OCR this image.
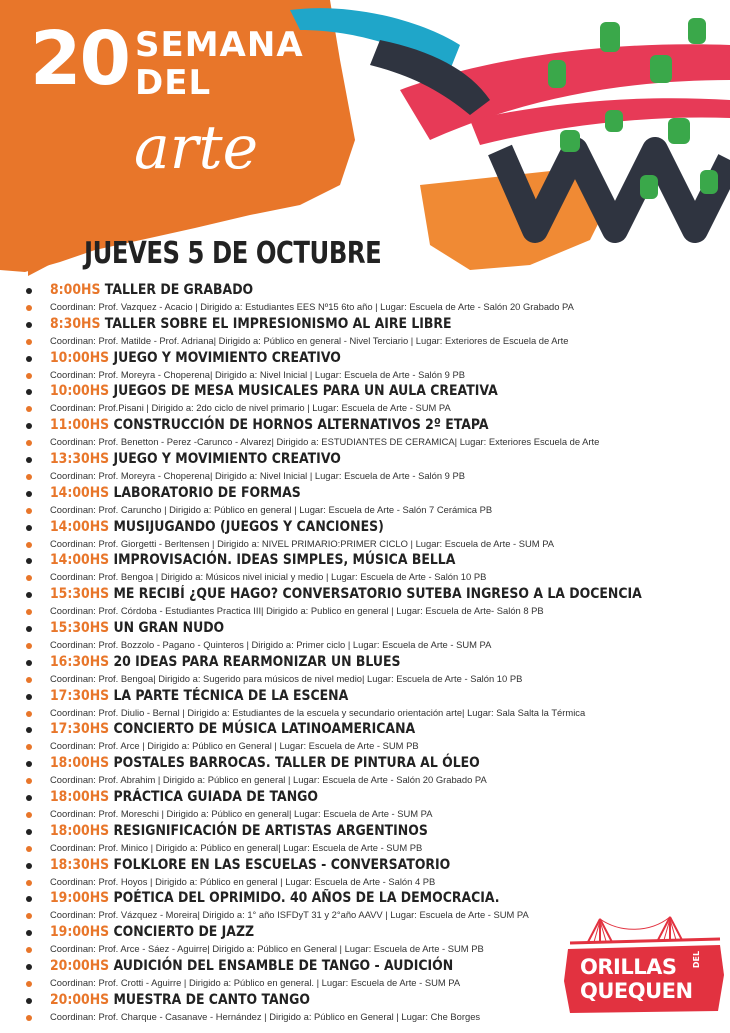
20 SEMANA
DEL
arte
JUEVES 5 DE OCTUBRE
8:00HS TALLER DE GRABADO
Coordinan: Prof. Vazquez - Acacio | Dirigido a: Estudiantes EES Nº15 6to año | Lugar: Escuela de Arte - Salón 20 Grabado PA
8:30HS TALLER SOBRE EL IMPRESIONISMO AL AIRE LIBRE
Coordinan: Prof. Matilde - Prof. Adriana| Dirigido a: Público en general - Nivel Terciario | Lugar: Exteriores de Escuela de Arte
10:00HS JUEGO Y MOVIMIENTO CREATIVO
Coordinan: Prof. Moreyra - Choperena| Dirigido a: Nivel Inicial | Lugar: Escuela de Arte - Salón 9 PB
10:00HS JUEGOS DE MESA MUSICALES PARA UN AULA CREATIVA
Coordinan: Prof.Pisani | Dirigido a: 2do ciclo de nivel primario | Lugar: Escuela de Arte - SUM PA
11:00HS CONSTRUCCIÓN DE HORNOS ALTERNATIVOS 2º ETAPA
Coordinan: Prof. Benetton - Perez -Carunco - Alvarez| Dirigido a: ESTUDIANTES DE CERAMICA| Lugar: Exteriores Escuela de Arte
13:30HS JUEGO Y MOVIMIENTO CREATIVO
Coordinan: Prof. Moreyra - Choperena| Dirigido a: Nivel Inicial | Lugar: Escuela de Arte - Salón 9 PB
14:00HS LABORATORIO DE FORMAS
Coordinan: Prof. Caruncho | Dirigido a: Público en general | Lugar: Escuela de Arte - Salón 7 Cerámica PB
14:00HS MUSIJUGANDO (JUEGOS Y CANCIONES)
Coordinan: Prof. Giorgetti - Berltensen | Dirigido a: NIVEL PRIMARIO:PRIMER CICLO | Lugar: Escuela de Arte - SUM PA
14:00HS IMPROVISACIÓN. IDEAS SIMPLES, MÚSICA BELLA
Coordinan: Prof. Bengoa | Dirigido a: Músicos nivel inicial y medio | Lugar: Escuela de Arte - Salón 10 PB
15:30HS ME RECIBÍ ¿QUE HAGO? CONVERSATORIO SUTEBA INGRESO A LA DOCENCIA
Coordinan: Prof. Córdoba - Estudiantes Practica III| Dirigido a: Publico en general | Lugar: Escuela de Arte- Salón 8 PB
15:30HS UN GRAN NUDO
Coordinan: Prof. Bozzolo - Pagano - Quinteros | Dirigido a: Primer ciclo | Lugar: Escuela de Arte - SUM PA
16:30HS 20 IDEAS PARA REARMONIZAR UN BLUES
Coordinan: Prof. Bengoa| Dirigido a: Sugerido para músicos de nivel medio| Lugar: Escuela de Arte - Salón 10 PB
17:30HS LA PARTE TÉCNICA DE LA ESCENA
Coordinan: Prof. Diulio - Bernal | Dirigido a: Estudiantes de la escuela y secundario orientación arte| Lugar: Sala Salta la Térmica
17:30HS CONCIERTO DE MÚSICA LATINOAMERICANA
Coordinan: Prof. Arce | Dirigido a: Público en General | Lugar: Escuela de Arte - SUM PB
18:00HS POSTALES BARROCAS. TALLER DE PINTURA AL ÓLEO
Coordinan: Prof. Abrahim | Dirigido a: Público en general | Lugar: Escuela de Arte - Salón 20 Grabado PA
18:00HS PRÁCTICA GUIADA DE TANGO
Coordinan: Prof. Moreschi | Dirigido a: Público en general| Lugar: Escuela de Arte - SUM PA
18:00HS RESIGNIFICACIÓN DE ARTISTAS ARGENTINOS
Coordinan: Prof. Minico | Dirigido a: Público en general| Lugar: Escuela de Arte - SUM PB
18:30HS FOLKLORE EN LAS ESCUELAS - CONVERSATORIO
Coordinan: Prof. Hoyos | Dirigido a: Público en general | Lugar: Escuela de Arte - Salón 4 PB
19:00HS POÉTICA DEL OPRIMIDO. 40 AÑOS DE LA DEMOCRACIA.
Coordinan: Prof. Vázquez - Moreira| Dirigido a: 1° año ISFDyT 31 y 2°año AAVV | Lugar: Escuela de Arte - SUM PA
19:00HS CONCIERTO DE JAZZ
Coordinan: Prof. Arce - Sáez - Aguirre| Dirigido a: Público en General | Lugar: Escuela de Arte - SUM PB
20:00HS AUDICIÓN DEL ENSAMBLE DE TANGO - AUDICIÓN
Coordinan: Prof. Crotti - Aguirre | Dirigido a: Público en general. | Lugar: Escuela de Arte - SUM PA
20:00HS MUESTRA DE CANTO TANGO
Coordinan: Prof. Charque - Casanave - Hernández | Dirigido a: Público en General | Lugar: Che Borges
ORILLAS DEL
QUEQUEN
